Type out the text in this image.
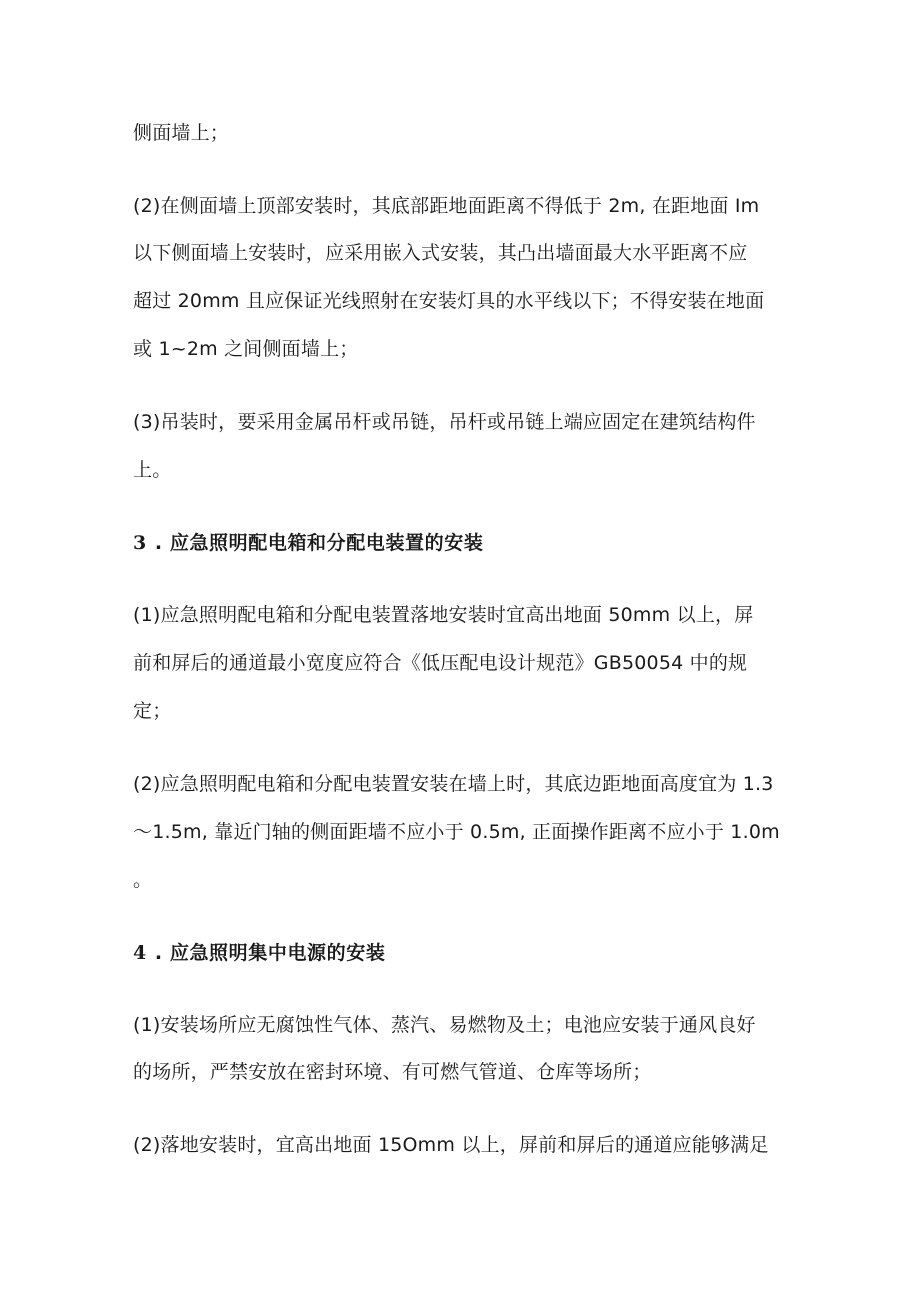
侧面墙上；
(2)在侧面墙上顶部安装时，其底部距地面距离不得低于 2m, 在距地面 Im
以下侧面墙上安装时，应采用嵌入式安装，其凸出墙面最大水平距离不应
超过 20mm 且应保证光线照射在安装灯具的水平线以下；不得安装在地面
或 1~2m 之间侧面墙上；
(3)吊装时，要采用金属吊杆或吊链，吊杆或吊链上端应固定在建筑结构件
上。
3 . 应急照明配电箱和分配电装置的安装
(1)应急照明配电箱和分配电装置落地安装时宜高出地面 50mm 以上，屏
前和屏后的通道最小宽度应符合《低压配电设计规范》GB50054 中的规
定；
(2)应急照明配电箱和分配电装置安装在墙上时，其底边距地面高度宜为 1.3
～1.5m, 靠近门轴的侧面距墙不应小于 0.5m, 正面操作距离不应小于 1.0m
。
4 . 应急照明集中电源的安装
(1)安装场所应无腐蚀性气体、蒸汽、易燃物及土；电池应安装于通风良好
的场所，严禁安放在密封环境、有可燃气管道、仓库等场所；
(2)落地安装时，宜高出地面 15Omm 以上，屏前和屏后的通道应能够满足
